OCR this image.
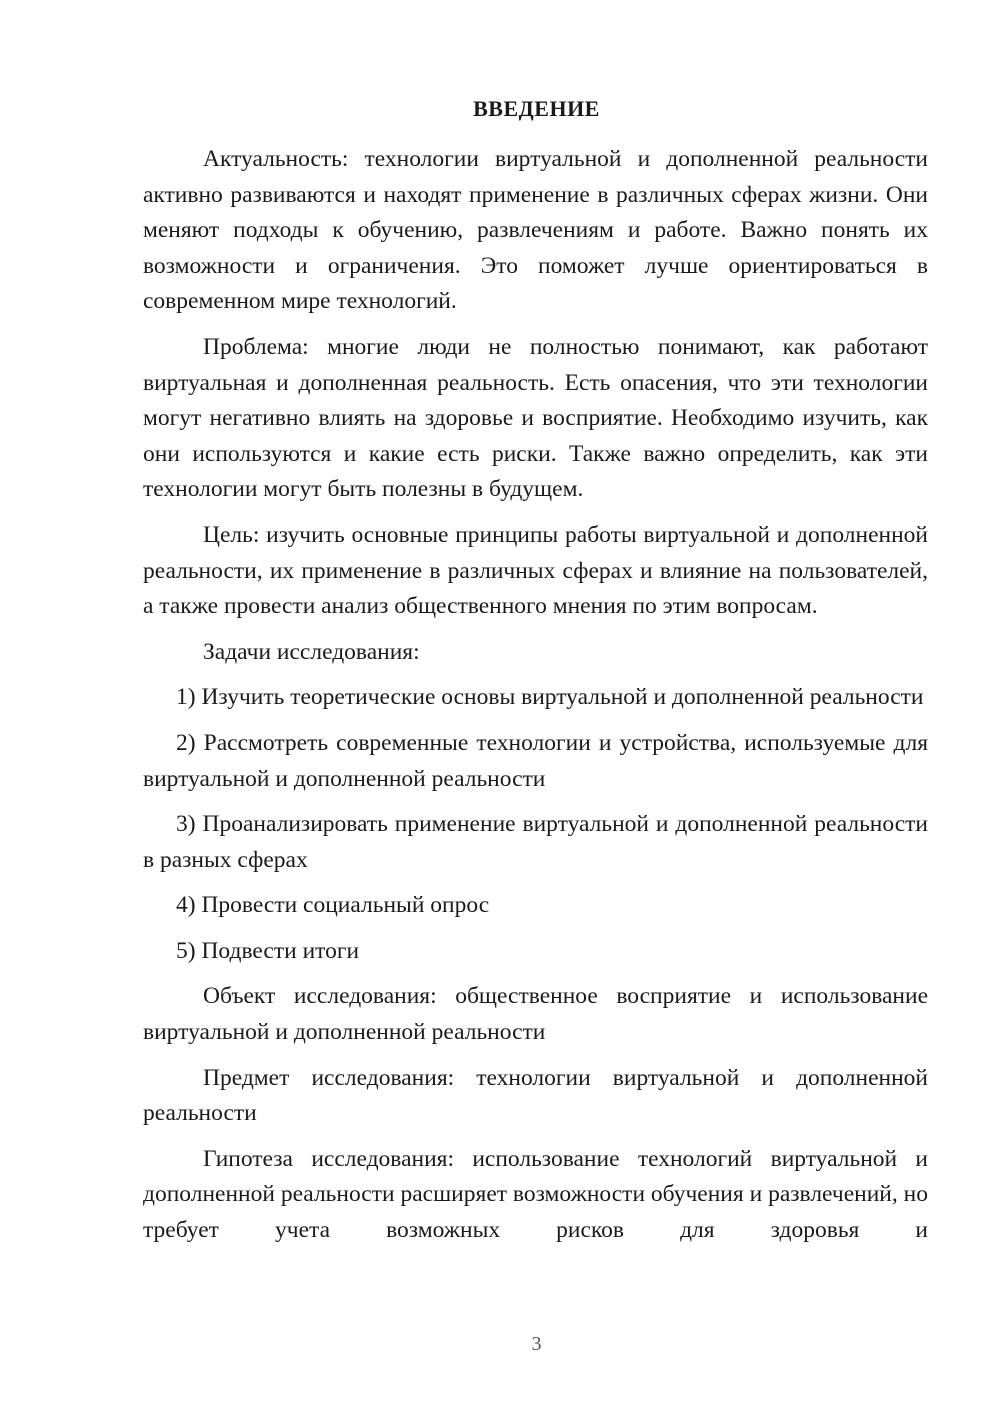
ВВЕДЕНИЕ

Актуальность: технологии виртуальной и дополненной реальности активно развиваются и находят применение в различных сферах жизни. Они меняют подходы к обучению, развлечениям и работе. Важно понять их возможности и ограничения. Это поможет лучше ориентироваться в современном мире технологий.

Проблема: многие люди не полностью понимают, как работают виртуальная и дополненная реальность. Есть опасения, что эти технологии могут негативно влиять на здоровье и восприятие. Необходимо изучить, как они используются и какие есть риски. Также важно определить, как эти технологии могут быть полезны в будущем.

Цель: изучить основные принципы работы виртуальной и дополненной реальности, их применение в различных сферах и влияние на пользователей, а также провести анализ общественного мнения по этим вопросам.

Задачи исследования:

1) Изучить теоретические основы виртуальной и дополненной реальности

2) Рассмотреть современные технологии и устройства, используемые для виртуальной и дополненной реальности

3) Проанализировать применение виртуальной и дополненной реальности в разных сферах

4) Провести социальный опрос

5) Подвести итоги

Объект исследования: общественное восприятие и использование виртуальной и дополненной реальности

Предмет исследования: технологии виртуальной и дополненной реальности

Гипотеза исследования: использование технологий виртуальной и дополненной реальности расширяет возможности обучения и развлечений, но требует учета возможных рисков для здоровья и

3
